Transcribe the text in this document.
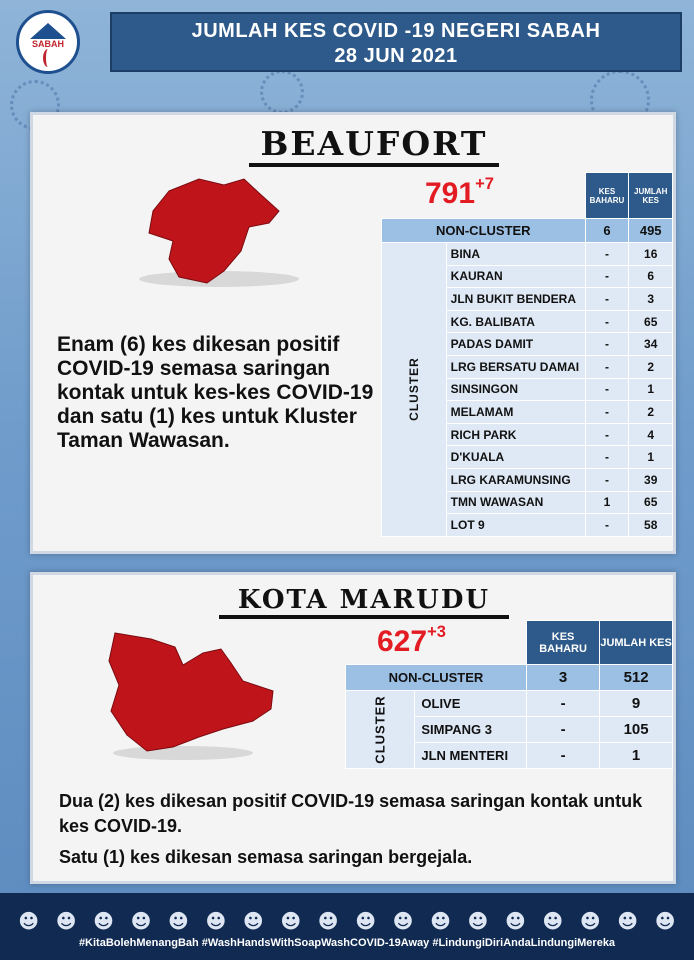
SABAH
JUMLAH KES COVID -19 NEGERI SABAH
28 JUN 2021
BEAUFORT
$791^{+7}$
			KES BAHARU	JUMLAH KES
NON-CLUSTER		6	495
CLUSTER	BINA	-	16
	KAURAN	-	6
	JLN BUKIT BENDERA	-	3
	KG. BALIBATA	-	65
	PADAS DAMIT	-	34
	LRG BERSATU DAMAI	-	2
	SINSINGON	-	1
	MELAMAM	-	2
	RICH PARK	-	4
	D'KUALA	-	1
	LRG KARAMUNSING	-	39
	TMN WAWASAN	1	65
	LOT 9	-	58
Enam (6) kes dikesan positif COVID-19 semasa saringan kontak untuk kes-kes COVID-19 dan satu (1) kes untuk Kluster Taman Wawasan.
KOTA MARUDU
$627^{+3}$
			KES BAHARU	JUMLAH KES
NON-CLUSTER		3	512
CLUSTER	OLIVE	-	9
	SIMPANG 3	-	105
	JLN MENTERI	-	1
Dua (2) kes dikesan positif COVID-19 semasa saringan kontak untuk kes COVID-19.
Satu (1) kes dikesan semasa saringan bergejala.
☻ ☻ ☻ ☻ ☻ ☻ ☻ ☻ ☻ ☻ ☻ ☻ ☻ ☻ ☻ ☻ ☻ ☻
#KitaBolehMenangBah #WashHandsWithSoapWashCOVID-19Away #LindungiDiriAndaLindungiMereka
